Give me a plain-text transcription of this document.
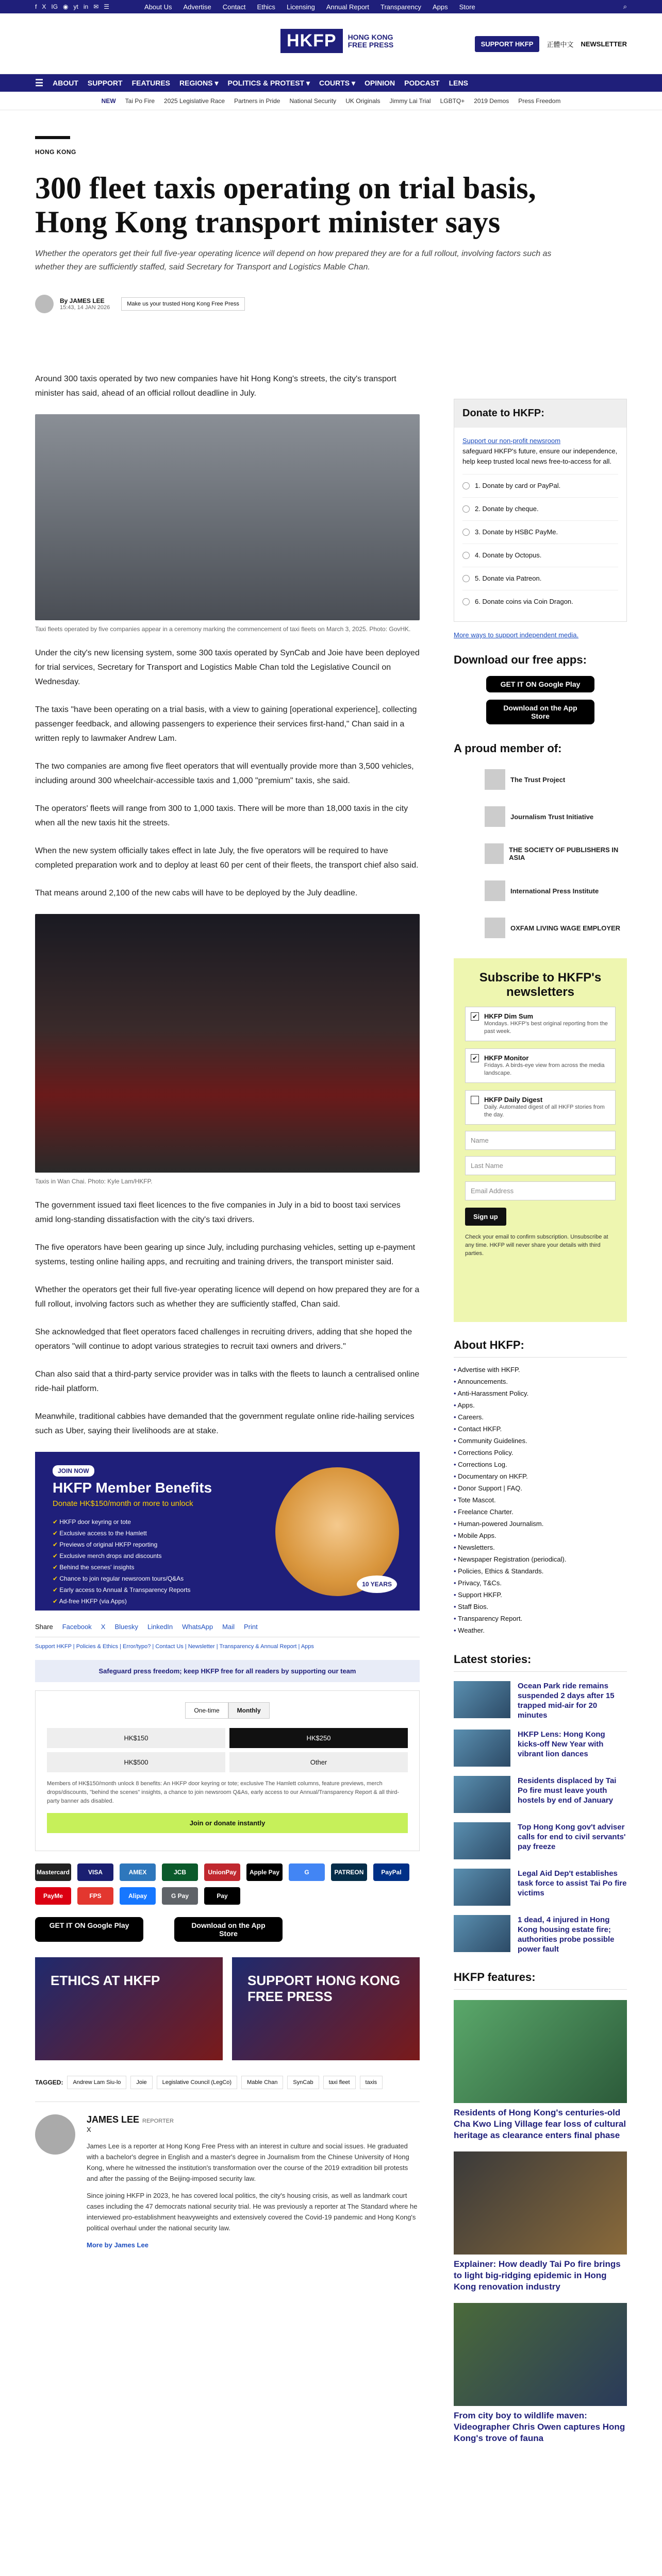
f X IG ◉ yt in ✉ ☰	About Us Advertise Contact Ethics Licensing Annual Report Transparency Apps Store	⌕
HKFP	HONG KONG
FREE PRESS	SUPPORT HKFP	正體中文 NEWSLETTER
☰ ABOUT SUPPORT FEATURES REGIONS ▾ POLITICS & PROTEST ▾ COURTS ▾ OPINION PODCAST LENS
NEW Tai Po Fire 2025 Legislative Race Partners in Pride National Security UK Originals Jimmy Lai Trial LGBTQ+ 2019 Demos Press Freedom
HONG KONG
300 fleet taxis operating on trial basis, Hong Kong transport minister says

Whether the operators get their full five-year operating licence will depend on how prepared they are for a full rollout, involving factors such as whether they are sufficiently staffed, said Secretary for Transport and Logistics Mable Chan.

By JAMES LEE
15:43, 14 JAN 2026
Make us your trusted Hong Kong Free Press

Around 300 taxis operated by two new companies have hit Hong Kong's streets, the city's transport minister has said, ahead of an official rollout deadline in July.

Taxi fleets operated by five companies appear in a ceremony marking the commencement of taxi fleets on March 3, 2025. Photo: GovHK.

Under the city's new licensing system, some 300 taxis operated by SynCab and Joie have been deployed for trial services, Secretary for Transport and Logistics Mable Chan told the Legislative Council on Wednesday.

The taxis "have been operating on a trial basis, with a view to gaining [operational experience], collecting passenger feedback, and allowing passengers to experience their services first-hand," Chan said in a written reply to lawmaker Andrew Lam.

The two companies are among five fleet operators that will eventually provide more than 3,500 vehicles, including around 300 wheelchair-accessible taxis and 1,000 "premium" taxis, she said.

The operators' fleets will range from 300 to 1,000 taxis. There will be more than 18,000 taxis in the city when all the new taxis hit the streets.

When the new system officially takes effect in late July, the five operators will be required to have completed preparation work and to deploy at least 60 per cent of their fleets, the transport chief also said.

That means around 2,100 of the new cabs will have to be deployed by the July deadline.

Taxis in Wan Chai. Photo: Kyle Lam/HKFP.

The government issued taxi fleet licences to the five companies in July in a bid to boost taxi services amid long-standing dissatisfaction with the city's taxi drivers.

The five operators have been gearing up since July, including purchasing vehicles, setting up e-payment systems, testing online hailing apps, and recruiting and training drivers, the transport minister said.

Whether the operators get their full five-year operating licence will depend on how prepared they are for a full rollout, involving factors such as whether they are sufficiently staffed, Chan said.

She acknowledged that fleet operators faced challenges in recruiting drivers, adding that she hoped the operators "will continue to adopt various strategies to recruit taxi owners and drivers."

Chan also said that a third-party service provider was in talks with the fleets to launch a centralised online ride-hail platform.

Meanwhile, traditional cabbies have demanded that the government regulate online ride-hailing services such as Uber, saying their livelihoods are at stake.

JOIN NOW
HKFP Member Benefits
Donate HK$150/month or more to unlock
✔ HKFP door keyring or tote
✔ Exclusive access to the Hamlett
✔ Previews of original HKFP reporting
✔ Exclusive merch drops and discounts
✔ Behind the scenes' insights
✔ Chance to join regular newsroom tours/Q&As
✔ Early access to Annual & Transparency Reports
✔ Ad-free HKFP (via Apps)
10 YEARS
Share Facebook X Bluesky LinkedIn WhatsApp Mail Print
Support HKFP | Policies & Ethics | Error/typo? | Contact Us | Newsletter | Transparency & Annual Report | Apps
Safeguard press freedom; keep HKFP free for all readers by supporting our team
One-time	Monthly
HK$150	HK$250
HK$500	Other

Members of HK$150/month unlock 8 benefits: An HKFP door keyring or tote; exclusive The Hamlett columns, feature previews, merch drops/discounts, "behind the scenes" insights, a chance to join newsroom Q&As, early access to our Annual/Transparency Report & all third-party banner ads disabled.

Join or donate instantly
Mastercard	VISA	AMEX	JCB	UnionPay	Apple Pay	G	PATREON	PayPal
PayMe	FPS	Alipay	G Pay	Pay
GET IT ON Google Play	Download on the App Store
ETHICS AT HKFP	SUPPORT HONG KONG FREE PRESS
TAGGED:	Andrew Lam Siu-lo	Joie	Legislative Council (LegCo)	Mable Chan	SynCab	taxi fleet	taxis
JAMES LEE REPORTER
X

James Lee is a reporter at Hong Kong Free Press with an interest in culture and social issues. He graduated with a bachelor's degree in English and a master's degree in Journalism from the Chinese University of Hong Kong, where he witnessed the institution's transformation over the course of the 2019 extradition bill protests and after the passing of the Beijing-imposed security law.

Since joining HKFP in 2023, he has covered local politics, the city's housing crisis, as well as landmark court cases including the 47 democrats national security trial. He was previously a reporter at The Standard where he interviewed pro-establishment heavyweights and extensively covered the Covid-19 pandemic and Hong Kong's political overhaul under the national security law.

More by James Lee

Donate to HKFP:

Support our non-profit newsroom

safeguard HKFP's future, ensure our independence, help keep trusted local news free-to-access for all.

1. Donate by card or PayPal.
2. Donate by cheque.
3. Donate by HSBC PayMe.
4. Donate by Octopus.
5. Donate via Patreon.
6. Donate coins via Coin Dragon.

More ways to support independent media.

Download our free apps:
GET IT ON Google Play
Download on the App Store
A proud member of:
The Trust Project
Journalism Trust Initiative
THE SOCIETY OF PUBLISHERS IN ASIA
International Press Institute
OXFAM LIVING WAGE EMPLOYER
Subscribe to HKFP's newsletters
✔ HKFP Dim Sum
Mondays. HKFP's best original reporting from the past week.
✔ HKFP Monitor
Fridays. A birds-eye view from across the media landscape.
HKFP Daily Digest
Daily. Automated digest of all HKFP stories from the day.
Name
Last Name
Email Address
Sign up

Check your email to confirm subscription. Unsubscribe at any time. HKFP will never share your details with third parties.

About HKFP:
• Advertise with HKFP.
• Announcements.
• Anti-Harassment Policy.
• Apps.
• Careers.
• Contact HKFP.
• Community Guidelines.
• Corrections Policy.
• Corrections Log.
• Documentary on HKFP.
• Donor Support | FAQ.
• Tote Mascot.
• Freelance Charter.
• Human-powered Journalism.
• Mobile Apps.
• Newsletters.
• Newspaper Registration (periodical).
• Policies, Ethics & Standards.
• Privacy, T&Cs.
• Support HKFP.
• Staff Bios.
• Transparency Report.
• Weather.
Latest stories:
Ocean Park ride remains suspended 2 days after 15 trapped mid-air for 20 minutes
HKFP Lens: Hong Kong kicks-off New Year with vibrant lion dances
Residents displaced by Tai Po fire must leave youth hostels by end of January
Top Hong Kong gov't adviser calls for end to civil servants' pay freeze
Legal Aid Dep't establishes task force to assist Tai Po fire victims
1 dead, 4 injured in Hong Kong housing estate fire; authorities probe possible power fault
HKFP features:
Residents of Hong Kong's centuries-old Cha Kwo Ling Village fear loss of cultural heritage as clearance enters final phase
Explainer: How deadly Tai Po fire brings to light big-ridging epidemic in Hong Kong renovation industry
From city boy to wildlife maven: Videographer Chris Owen captures Hong Kong's trove of fauna
